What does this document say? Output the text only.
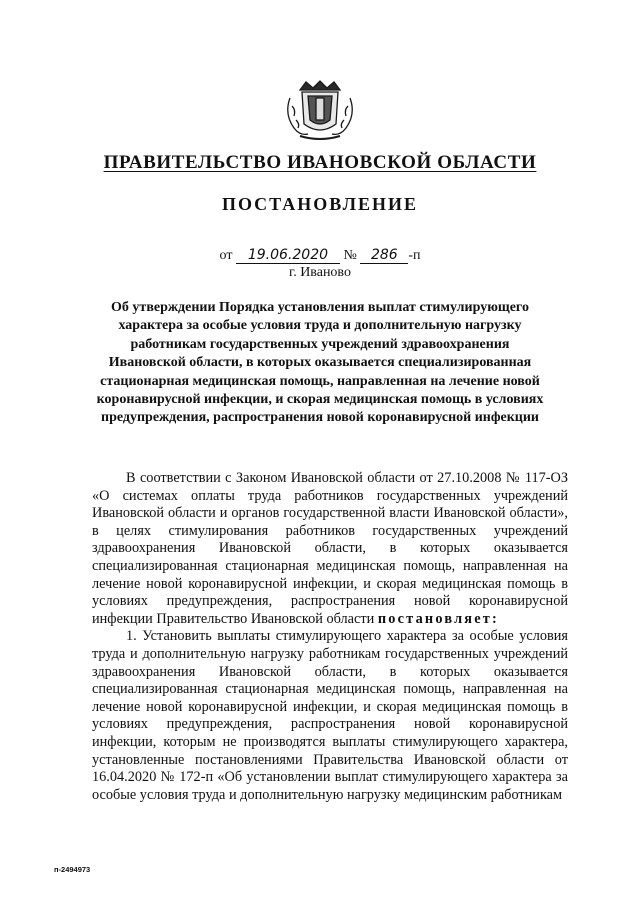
ПРАВИТЕЛЬСТВО ИВАНОВСКОЙ ОБЛАСТИ
ПОСТАНОВЛЕНИЕ
от 19.06.2020 № 286 -п
г. Иваново
Об утверждении Порядка установления выплат стимулирующего характера за особые условия труда и дополнительную нагрузку работникам государственных учреждений здравоохранения Ивановской области, в которых оказывается специализированная стационарная медицинская помощь, направленная на лечение новой коронавирусной инфекции, и скорая медицинская помощь в условиях предупреждения, распространения новой коронавирусной инфекции

В соответствии с Законом Ивановской области от 27.10.2008 № 117-ОЗ «О системах оплаты труда работников государственных учреждений Ивановской области и органов государственной власти Ивановской области», в целях стимулирования работников государственных учреждений здравоохранения Ивановской области, в которых оказывается специализированная стационарная медицинская помощь, направленная на лечение новой коронавирусной инфекции, и скорая медицинская помощь в условиях предупреждения, распространения новой коронавирусной инфекции Правительство Ивановской области постановляет:

1. Установить выплаты стимулирующего характера за особые условия труда и дополнительную нагрузку работникам государственных учреждений здравоохранения Ивановской области, в которых оказывается специализированная стационарная медицинская помощь, направленная на лечение новой коронавирусной инфекции, и скорая медицинская помощь в условиях предупреждения, распространения новой коронавирусной инфекции, которым не производятся выплаты стимулирующего характера, установленные постановлениями Правительства Ивановской области от 16.04.2020 № 172-п «Об установлении выплат стимулирующего характера за особые условия труда и дополнительную нагрузку медицинским работникам

п-2494973
